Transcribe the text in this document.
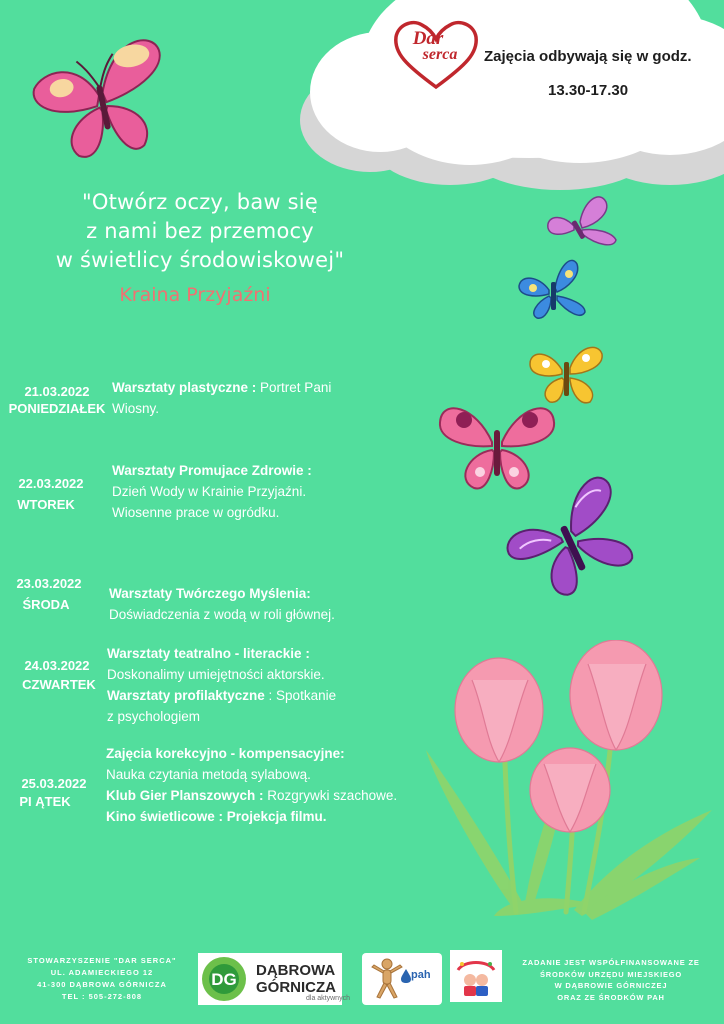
Dar
serca Zajęcia odbywają się w godz.
13.30-17.30
"Otwórz oczy, baw się
z nami bez przemocy
w świetlicy środowiskowej"
Kraina Przyjaźni
21.03.2022
PONIEDZIAŁEK
Warsztaty plastyczne : Portret Pani
Wiosny.
22.03.2022
WTOREK
Warsztaty Promujace Zdrowie :
Dzień Wody w Krainie Przyjaźni.
Wiosenne prace w ogródku.
23.03.2022
ŚRODA
Warsztaty Twórczego Myślenia:
Doświadczenia z wodą w roli głównej.
24.03.2022
CZWARTEK
Warsztaty teatralno - literackie :
Doskonalimy umiejętności aktorskie.
Warsztaty profilaktyczne : Spotkanie
z psychologiem
25.03.2022
PI ĄTEK
Zajęcia korekcyjno - kompensacyjne:
Nauka czytania metodą sylabową.
Klub Gier Planszowych : Rozgrywki szachowe.
Kino świetlicowe : Projekcja filmu.
STOWARZYSZENIE "DAR SERCA"
UL. ADAMIECKIEGO 12
41-300 DĄBROWA GÓRNICZA
TEL : 505-272-808
DG DĄBROWA
GÓRNICZA
dla aktywnych
pah
ZADANIE JEST WSPÓŁFINANSOWANE ZE
ŚRODKÓW URZĘDU MIEJSKIEGO
W DĄBROWIE GÓRNICZEJ
ORAZ ZE ŚRODKÓW PAH
